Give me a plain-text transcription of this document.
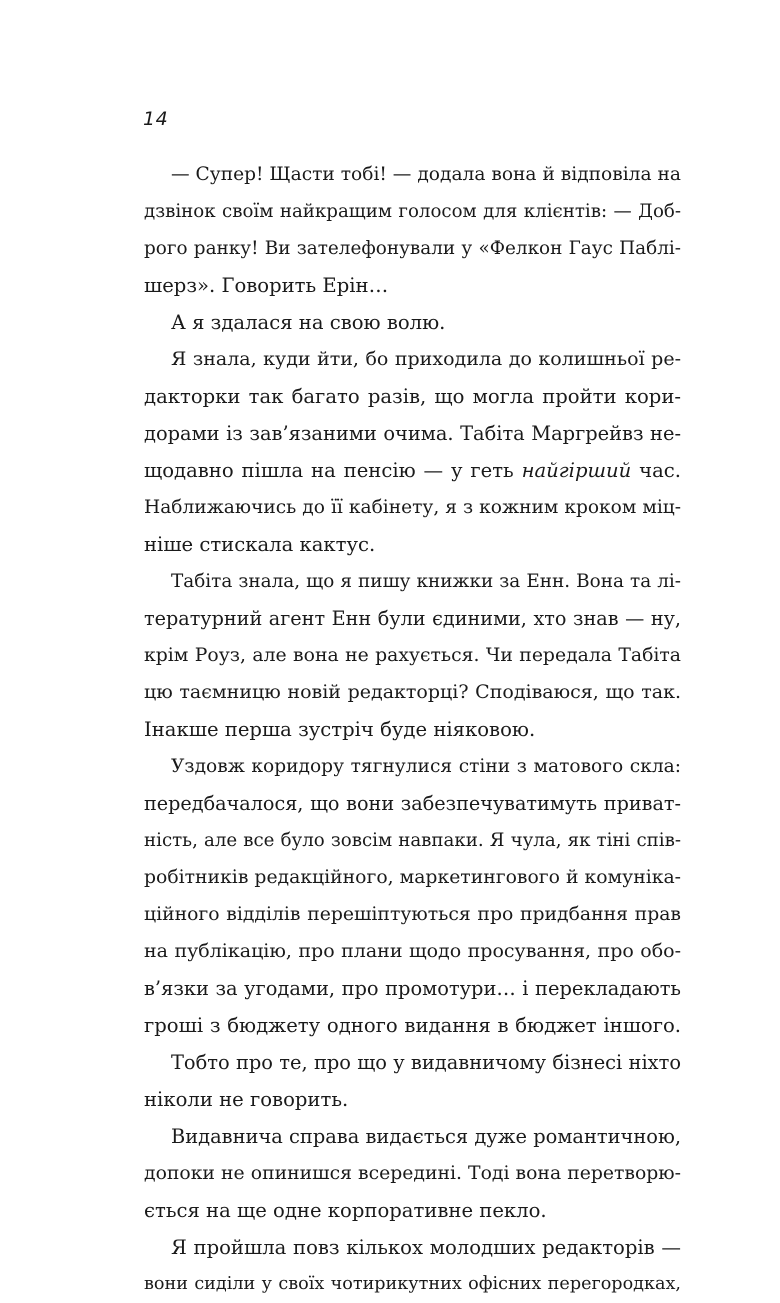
14
— Супер! Щасти тобі! — додала вона й відповіла на
дзвінок своїм найкращим голосом для клієнтів: — Доб-
рого ранку! Ви зателефонували у «Фелкон Гаус Паблі-
шерз». Говорить Ерін…
А я здалася на свою волю.
Я знала, куди йти, бо приходила до колишньої ре-
дакторки так багато разів, що могла пройти кори-
дорами із зав’язаними очима. Табіта Маргрейвз не-
щодавно пішла на пенсію — у геть найгірший час.
Наближаючись до її кабінету, я з кожним кроком міц-
ніше стискала кактус.
Табіта знала, що я пишу книжки за Енн. Вона та лі-
тературний агент Енн були єдиними, хто знав — ну,
крім Роуз, але вона не рахується. Чи передала Табіта
цю таємницю новій редакторці? Сподіваюся, що так.
Інакше перша зустріч буде ніяковою.
Уздовж коридору тягнулися стіни з матового скла:
передбачалося, що вони забезпечуватимуть приват-
ність, але все було зовсім навпаки. Я чула, як тіні спів-
робітників редакційного, маркетингового й комуніка-
ційного відділів перешіптуються про придбання прав
на публікацію, про плани щодо просування, про обо-
в’язки за угодами, про промотури… і перекладають
гроші з бюджету одного видання в бюджет іншого.
Тобто про те, про що у видавничому бізнесі ніхто
ніколи не говорить.
Видавнича справа видається дуже романтичною,
допоки не опинишся всередині. Тоді вона перетворю-
ється на ще одне корпоративне пекло.
Я пройшла повз кількох молодших редакторів —
вони сиділи у своїх чотирикутних офісних перегородках,
